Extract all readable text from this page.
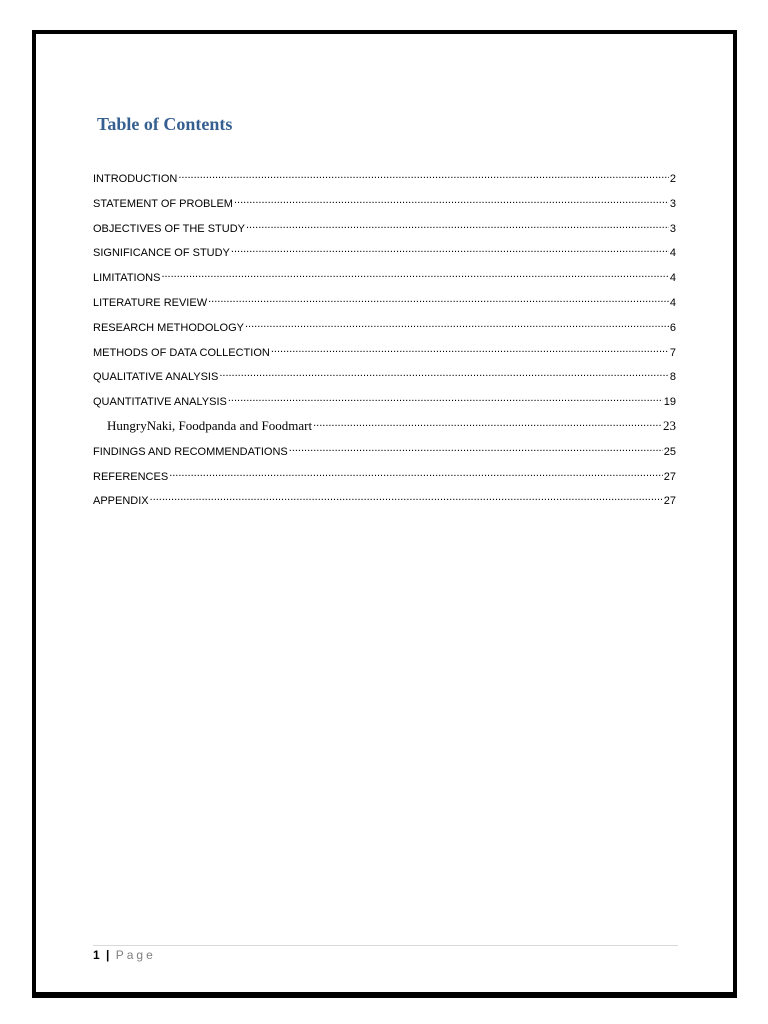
Table of Contents
INTRODUCTION .....	2
STATEMENT OF PROBLEM .....	3
OBJECTIVES OF THE STUDY .....	3
SIGNIFICANCE OF STUDY .....	4
LIMITATIONS .....	4
LITERATURE REVIEW .....	4
RESEARCH METHODOLOGY .....	6
METHODS OF DATA COLLECTION .....	7
QUALITATIVE ANALYSIS .....	8
QUANTITATIVE ANALYSIS .....	19
HungryNaki, Foodpanda and Foodmart .....	23
FINDINGS AND RECOMMENDATIONS .....	25
REFERENCES .....	27
APPENDIX .....	27
1 | Page
